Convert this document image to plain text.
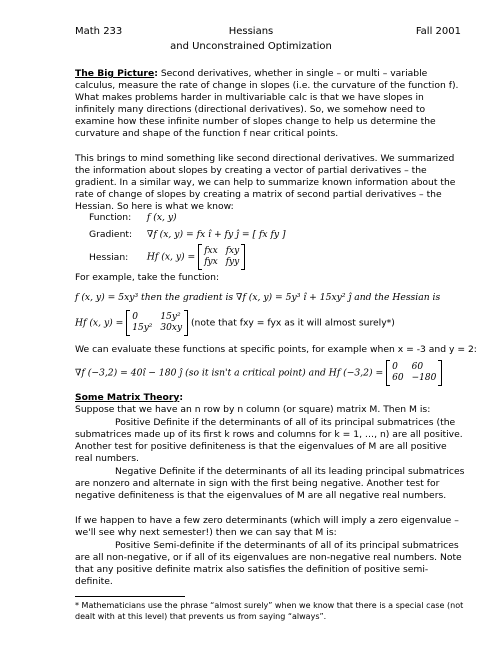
Math 233	Hessians	Fall 2001
and Unconstrained Optimization
The Big Picture: Second derivatives, whether in single – or multi – variable calculus, measure the rate of change in slopes (i.e. the curvature of the function f). What makes problems harder in multivariable calc is that we have slopes in infinitely many directions (directional derivatives). So, we somehow need to examine how these infinite number of slopes change to help us determine the curvature and shape of the function f near critical points.
This brings to mind something like second directional derivatives. We summarized the information about slopes by creating a vector of partial derivatives – the gradient. In a similar way, we can help to summarize known information about the rate of change of slopes by creating a matrix of second partial derivatives – the Hessian. So here is what we know:
Function: f (x, y)
Gradient: ∇f (x, y) = fx î + fy ĵ = [ fx fy ]
Hessian: Hf (x, y) =
fxx fxy
fyx fyy
For example, take the function:
f (x, y) = 5xy³ then the gradient is ∇f (x, y) = 5y³ î + 15xy² ĵ and the Hessian is
Hf (x, y) =
0	15y²
15y² 30xy (note that fxy = fyx as it will almost surely*)
We can evaluate these functions at specific points, for example when x = -3 and y = 2:
∇f (−3,2) = 40î − 180 ĵ (so it isn't a critical point) and Hf (−3,2) =
0	60
60 −180
Some Matrix Theory:
Suppose that we have an n row by n column (or square) matrix M. Then M is:
Positive Definite if the determinants of all of its principal submatrices (the submatrices made up of its first k rows and columns for k = 1, …, n) are all positive. Another test for positive definiteness is that the eigenvalues of M are all positive real numbers.
Negative Definite if the determinants of all its leading principal submatrices are nonzero and alternate in sign with the first being negative. Another test for negative definiteness is that the eigenvalues of M are all negative real numbers.
If we happen to have a few zero determinants (which will imply a zero eigenvalue – we'll see why next semester!) then we can say that M is:
Positive Semi-definite if the determinants of all of its principal submatrices are all non-negative, or if all of its eigenvalues are non-negative real numbers. Note that any positive definite matrix also satisfies the definition of positive semi-definite.
* Mathematicians use the phrase “almost surely” when we know that there is a special case (not dealt with at this level) that prevents us from saying “always”.
